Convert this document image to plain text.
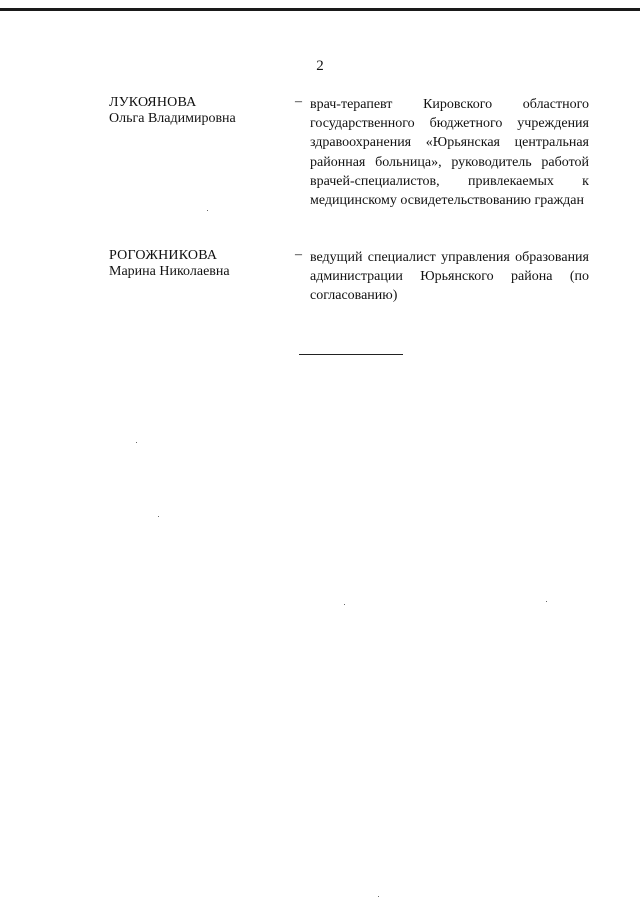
2
ЛУКОЯНОВА
Ольга Владимировна
– врач-терапевт Кировского областного государственного бюджетного учреждения здравоохранения «Юрьянская центральная районная больница», руководитель работой врачей-специалистов, привлекаемых к медицинскому освидетельствованию граждан
РОГОЖНИКОВА
Марина Николаевна
– ведущий специалист управления образования администрации Юрьянского района (по согласованию)
